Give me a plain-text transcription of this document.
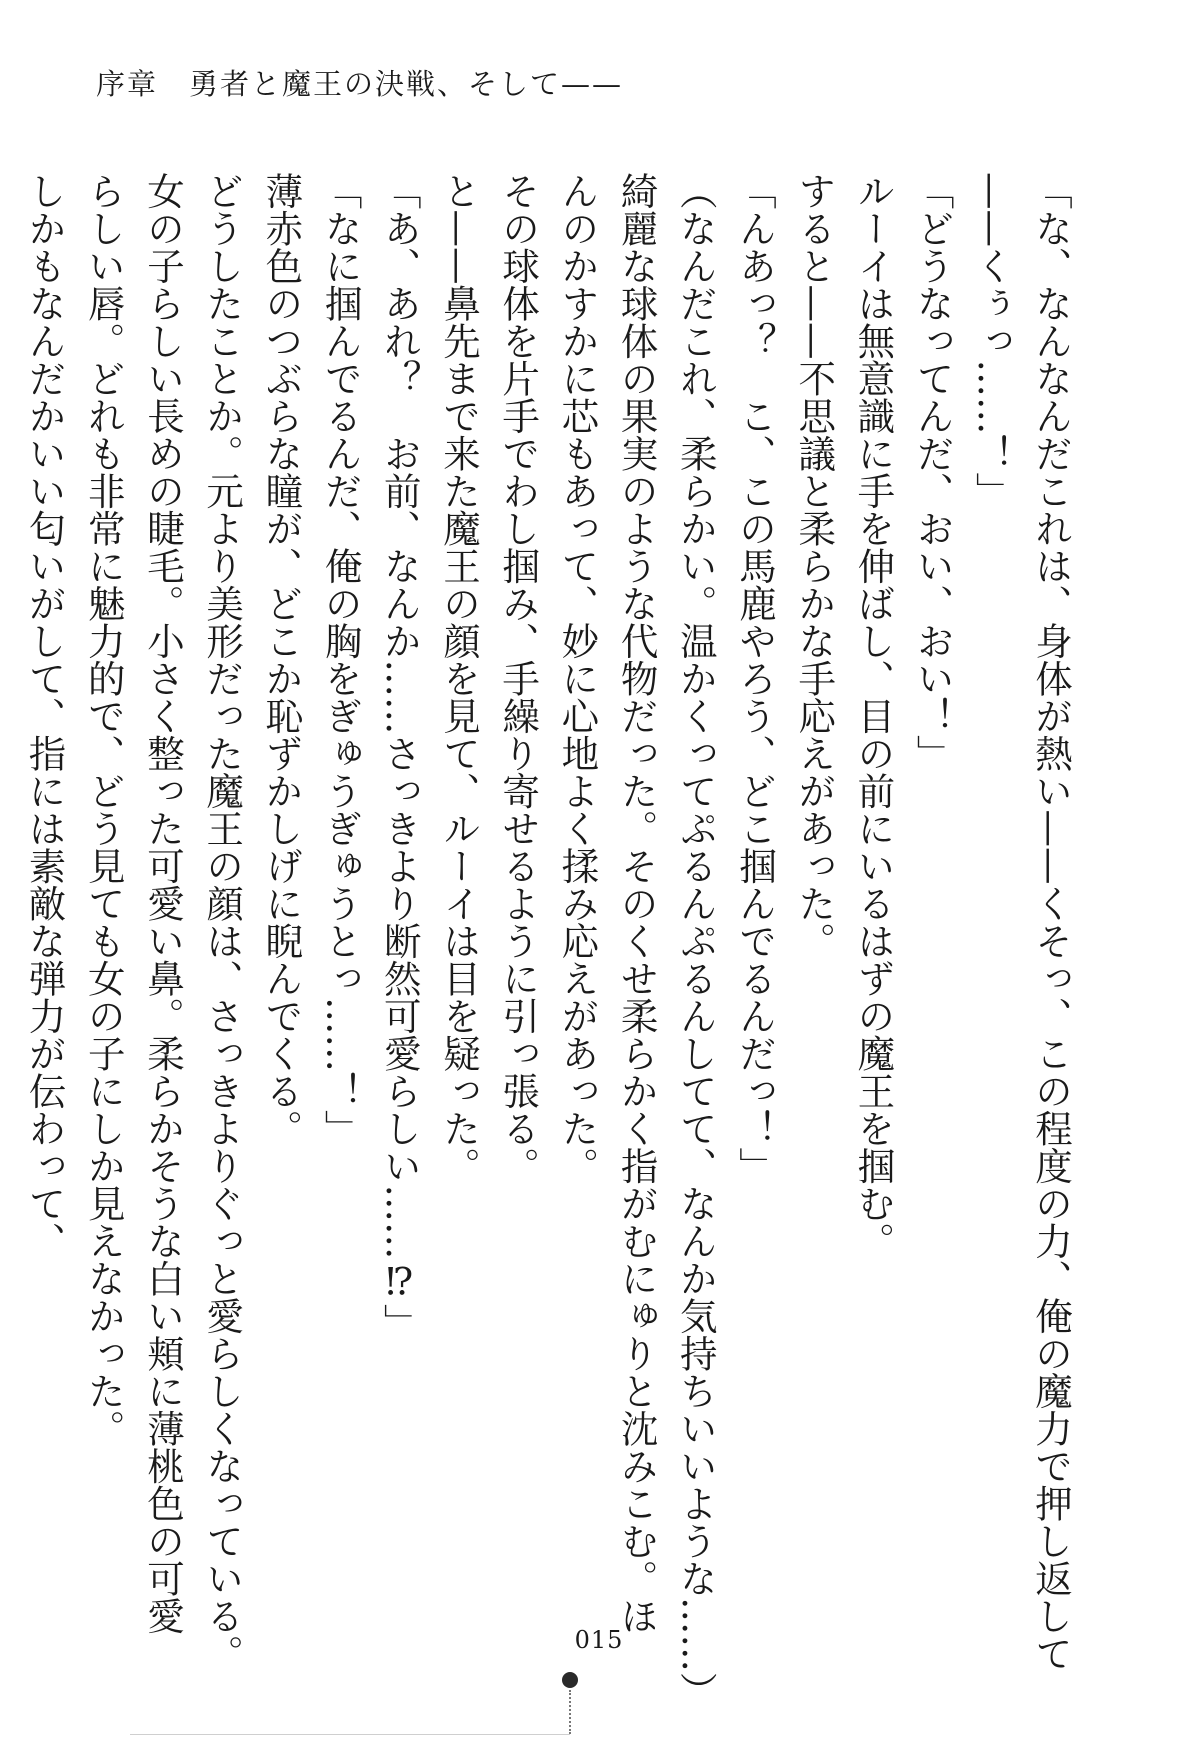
序章　勇者と魔王の決戦、そして——
「な、なんなんだこれは、身体が熱い——くそっ、この程度の力、俺の魔力で押し返して
——くぅっ……！」
「どうなってんだ、おい、おい！」
ルーイは無意識に手を伸ばし、目の前にいるはずの魔王を掴む。
すると——不思議と柔らかな手応えがあった。
「んあっ？　こ、この馬鹿やろう、どこ掴んでるんだっ！」
（なんだこれ、柔らかい。温かくってぷるんぷるんしてて、なんか気持ちいいような……）
綺麗な球体の果実のような代物だった。そのくせ柔らかく指がむにゅりと沈みこむ。ほ
んのかすかに芯もあって、妙に心地よく揉み応えがあった。
その球体を片手でわし掴み、手繰り寄せるように引っ張る。
と——鼻先まで来た魔王の顔を見て、ルーイは目を疑った。
「あ、あれ？　お前、なんか……さっきより断然可愛らしい……⁉」
「なに掴んでるんだ、俺の胸をぎゅうぎゅうとっ……！」
薄赤色のつぶらな瞳が、どこか恥ずかしげに睨んでくる。
どうしたことか。元より美形だった魔王の顔は、さっきよりぐっと愛らしくなっている。
女の子らしい長めの睫毛。小さく整った可愛い鼻。柔らかそうな白い頬に薄桃色の可愛
らしい唇。どれも非常に魅力的で、どう見ても女の子にしか見えなかった。
しかもなんだかいい匂いがして、指には素敵な弾力が伝わって、
015
